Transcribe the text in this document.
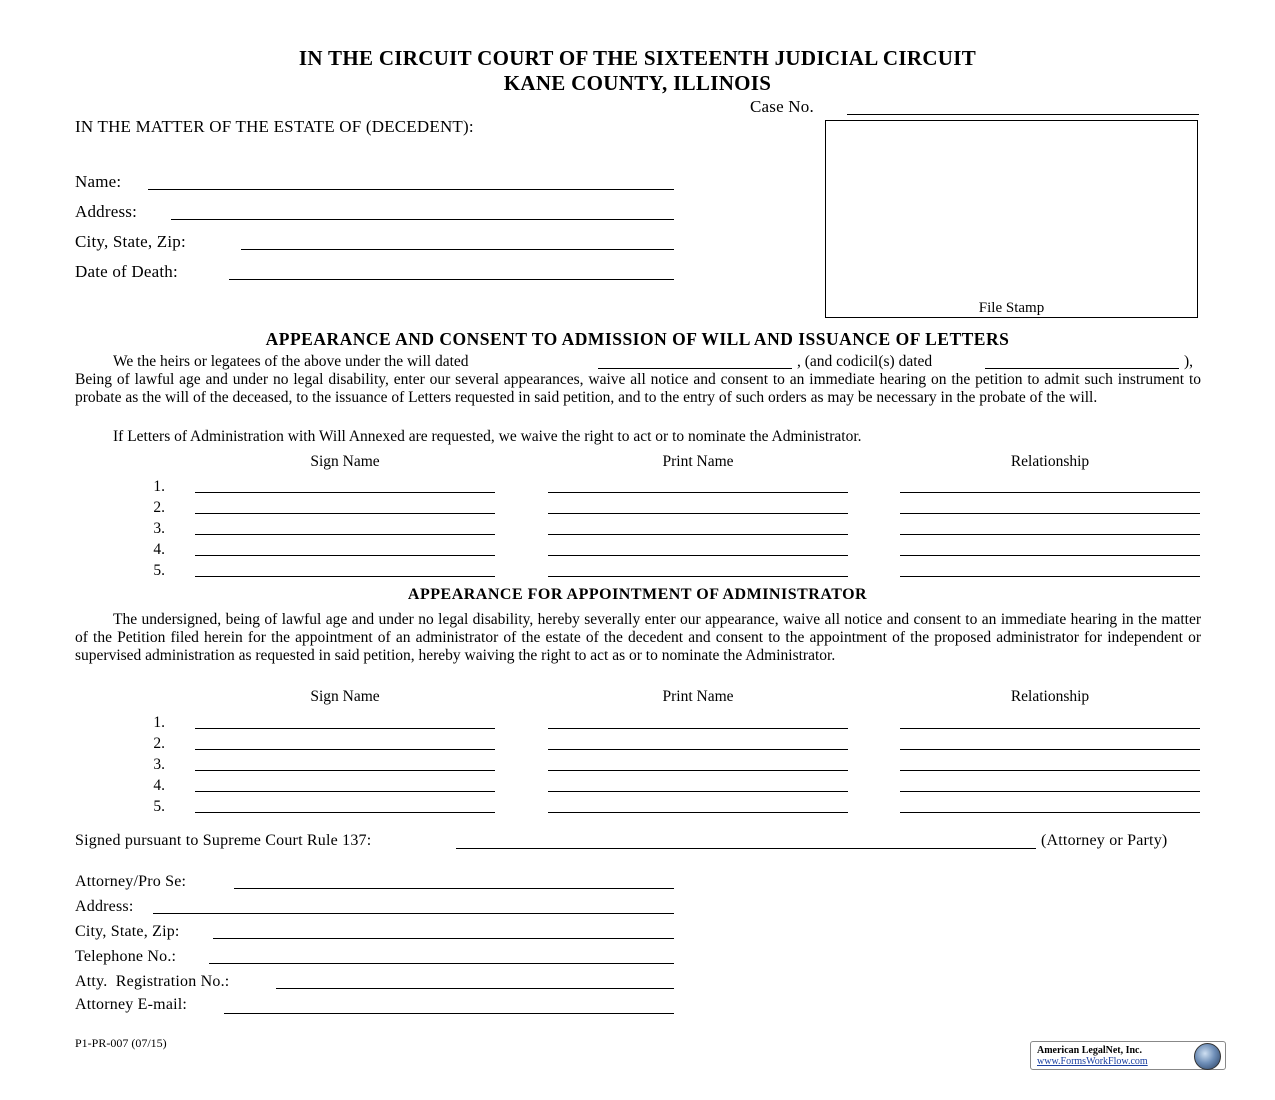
IN THE CIRCUIT COURT OF THE SIXTEENTH JUDICIAL CIRCUIT
KANE COUNTY, ILLINOIS
Case No.
IN THE MATTER OF THE ESTATE OF (DECEDENT):
Name:
Address:
City, State, Zip:
Date of Death:
File Stamp
APPEARANCE AND CONSENT TO ADMISSION OF WILL AND ISSUANCE OF LETTERS
We the heirs or legatees of the above under the will dated	, (and codicil(s) dated	),
Being of lawful age and under no legal disability, enter our several appearances, waive all notice and consent to an immediate hearing on the petition to admit such instrument to probate as the will of the deceased, to the issuance of Letters requested in said petition, and to the entry of such orders as may be necessary in the probate of the will.
If Letters of Administration with Will Annexed are requested, we waive the right to act or to nominate the Administrator.
Sign Name	Print Name	Relationship
1.
2.
3.
4.
5.
APPEARANCE FOR APPOINTMENT OF ADMINISTRATOR
The undersigned, being of lawful age and under no legal disability, hereby severally enter our appearance, waive all notice and consent to an immediate hearing in the matter of the Petition filed herein for the appointment of an administrator of the estate of the decedent and consent to the appointment of the proposed administrator for independent or supervised administration as requested in said petition, hereby waiving the right to act as or to nominate the Administrator.
Sign Name	Print Name	Relationship
1.
2.
3.
4.
5.
Signed pursuant to Supreme Court Rule 137:	(Attorney or Party)
Attorney/Pro Se:
Address:
City, State, Zip:
Telephone No.:
Atty.  Registration No.:
Attorney E-mail:
P1-PR-007 (07/15)
American LegalNet, Inc.
www.FormsWorkFlow.com
